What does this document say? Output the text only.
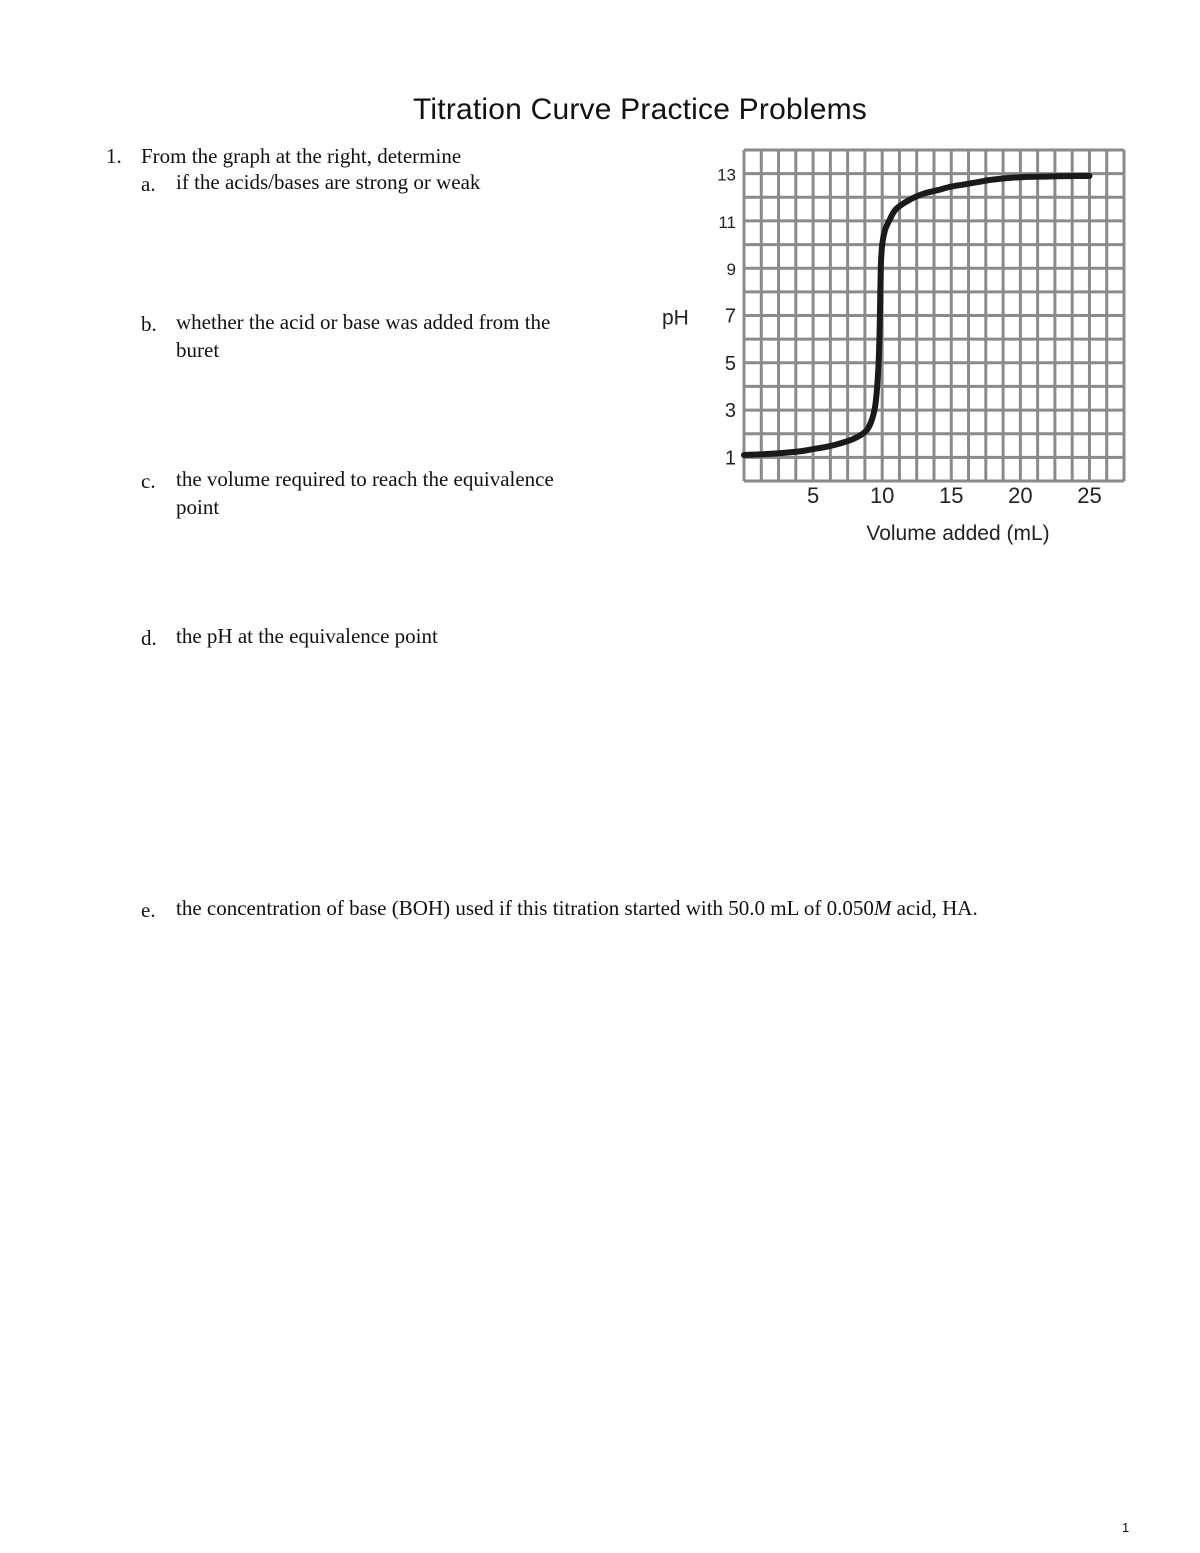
Titration Curve Practice Problems
1. From the graph at the right, determine
a. if the acids/bases are strong or weak
b. whether the acid or base was added from the
buret
c. the volume required to reach the equivalence
point
d. the pH at the equivalence point
e. the concentration of base (BOH) used if this titration started with 50.0 mL of 0.050M acid, HA.
1
3
5
7
9
11
13
5 10 15 20 25
pH
Volume added (mL)
1
